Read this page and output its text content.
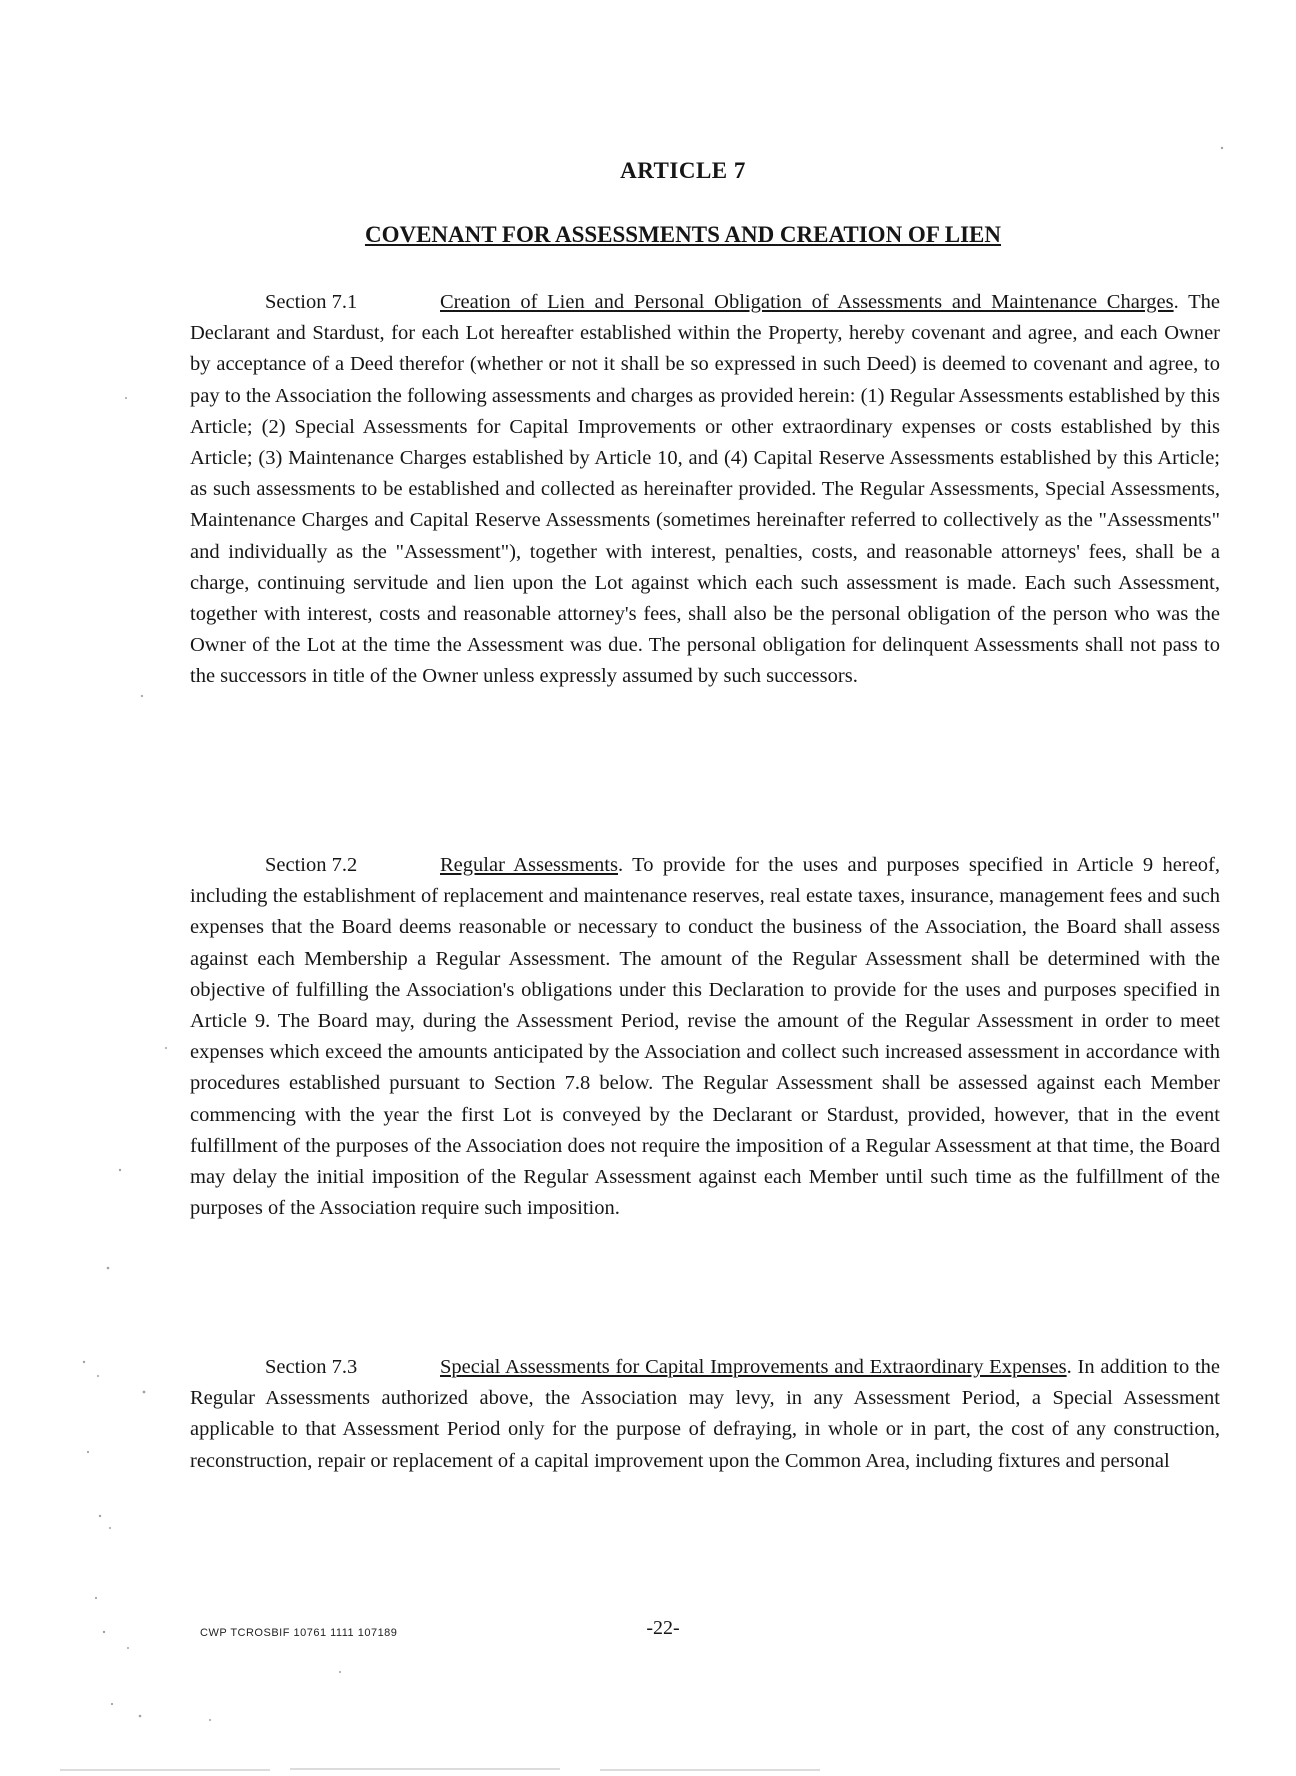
ARTICLE 7
COVENANT FOR ASSESSMENTS AND CREATION OF LIEN

Section 7.1	Creation of Lien and Personal Obligation of Assessments and Maintenance Charges. The Declarant and Stardust, for each Lot hereafter established within the Property, hereby covenant and agree, and each Owner by acceptance of a Deed therefor (whether or not it shall be so expressed in such Deed) is deemed to covenant and agree, to pay to the Association the following assessments and charges as provided herein: (1) Regular Assessments established by this Article; (2) Special Assessments for Capital Improvements or other extraordinary expenses or costs established by this Article; (3) Maintenance Charges established by Article 10, and (4) Capital Reserve Assessments established by this Article; as such assessments to be established and collected as hereinafter provided. The Regular Assessments, Special Assessments, Maintenance Charges and Capital Reserve Assessments (sometimes hereinafter referred to collectively as the "Assessments" and individually as the "Assessment"), together with interest, penalties, costs, and reasonable attorneys' fees, shall be a charge, continuing servitude and lien upon the Lot against which each such assessment is made. Each such Assessment, together with interest, costs and reasonable attorney's fees, shall also be the personal obligation of the person who was the Owner of the Lot at the time the Assessment was due. The personal obligation for delinquent Assessments shall not pass to the successors in title of the Owner unless expressly assumed by such successors.

Section 7.2	Regular Assessments. To provide for the uses and purposes specified in Article 9 hereof, including the establishment of replacement and maintenance reserves, real estate taxes, insurance, management fees and such expenses that the Board deems reasonable or necessary to conduct the business of the Association, the Board shall assess against each Membership a Regular Assessment. The amount of the Regular Assessment shall be determined with the objective of fulfilling the Association's obligations under this Declaration to provide for the uses and purposes specified in Article 9. The Board may, during the Assessment Period, revise the amount of the Regular Assessment in order to meet expenses which exceed the amounts anticipated by the Association and collect such increased assessment in accordance with procedures established pursuant to Section 7.8 below. The Regular Assessment shall be assessed against each Member commencing with the year the first Lot is conveyed by the Declarant or Stardust, provided, however, that in the event fulfillment of the purposes of the Association does not require the imposition of a Regular Assessment at that time, the Board may delay the initial imposition of the Regular Assessment against each Member until such time as the fulfillment of the purposes of the Association require such imposition.

Section 7.3	Special Assessments for Capital Improvements and Extraordinary Expenses. In addition to the Regular Assessments authorized above, the Association may levy, in any Assessment Period, a Special Assessment applicable to that Assessment Period only for the purpose of defraying, in whole or in part, the cost of any construction, reconstruction, repair or replacement of a capital improvement upon the Common Area, including fixtures and personal

CWP TCROSBIF 10761 1111 107189	-22-
